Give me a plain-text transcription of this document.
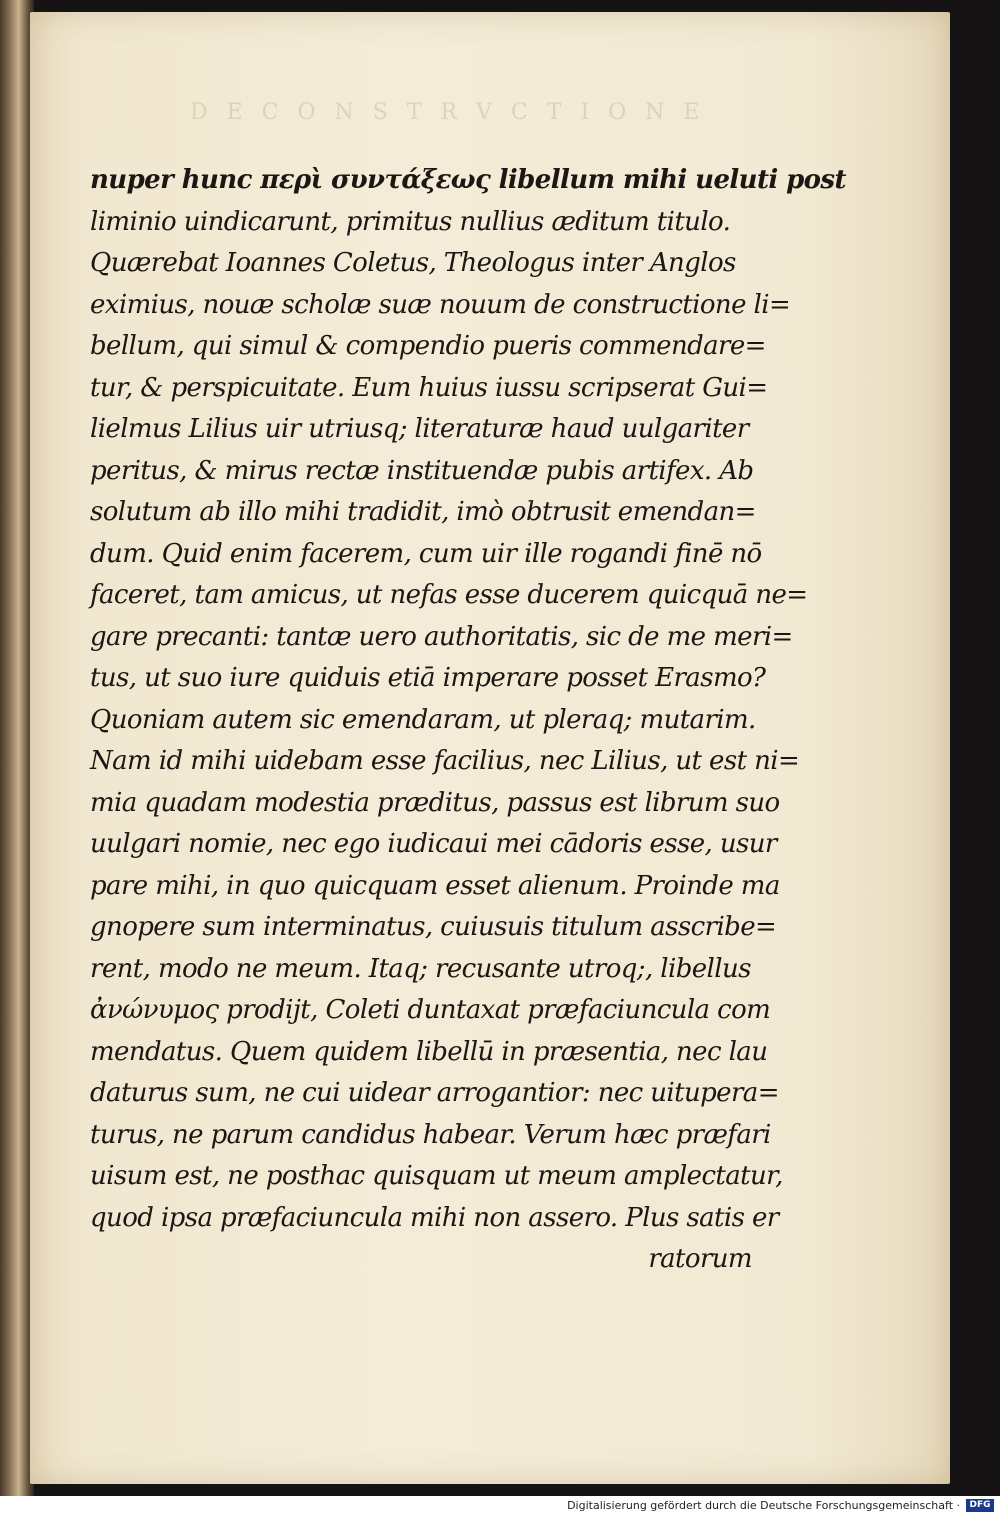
D E C O N S T R V C T I O N E
nuper hunc περὶ συντάξεως libellum mihi ueluti post
liminio uindicarunt, primitus nullius æditum titulo.
Quærebat Ioannes Coletus, Theologus inter Anglos
eximius, nouæ scholæ suæ nouum de constructione li=
bellum, qui simul & compendio pueris commendare=
tur, & perspicuitate. Eum huius iussu scripserat Gui=
lielmus Lilius uir utriusq; literaturæ haud uulgariter
peritus, & mirus rectæ instituendæ pubis artifex. Ab
solutum ab illo mihi tradidit, imò obtrusit emendan=
dum. Quid enim facerem, cum uir ille rogandi finē nō
faceret, tam amicus, ut nefas esse ducerem quicquā ne=
gare precanti: tantæ uero authoritatis, sic de me meri=
tus, ut suo iure quiduis etiā imperare posset Erasmo?
Quoniam autem sic emendaram, ut pleraq; mutarim.
Nam id mihi uidebam esse facilius, nec Lilius, ut est ni=
mia quadam modestia præditus, passus est librum suo
uulgari nomie, nec ego iudicaui mei cādoris esse, usur
pare mihi, in quo quicquam esset alienum. Proinde ma
gnopere sum interminatus, cuiusuis titulum asscribe=
rent, modo ne meum. Itaq; recusante utroq;, libellus
ἀνώνυμος prodijt, Coleti duntaxat præfaciuncula com
mendatus. Quem quidem libellū in præsentia, nec lau
daturus sum, ne cui uidear arrogantior: nec uitupera=
turus, ne parum candidus habear. Verum hæc præfari
uisum est, ne posthac quisquam ut meum amplectatur,
quod ipsa præfaciuncula mihi non assero. Plus satis er
ratorum
Digitalisierung gefördert durch die Deutsche Forschungsgemeinschaft ·	DFG
